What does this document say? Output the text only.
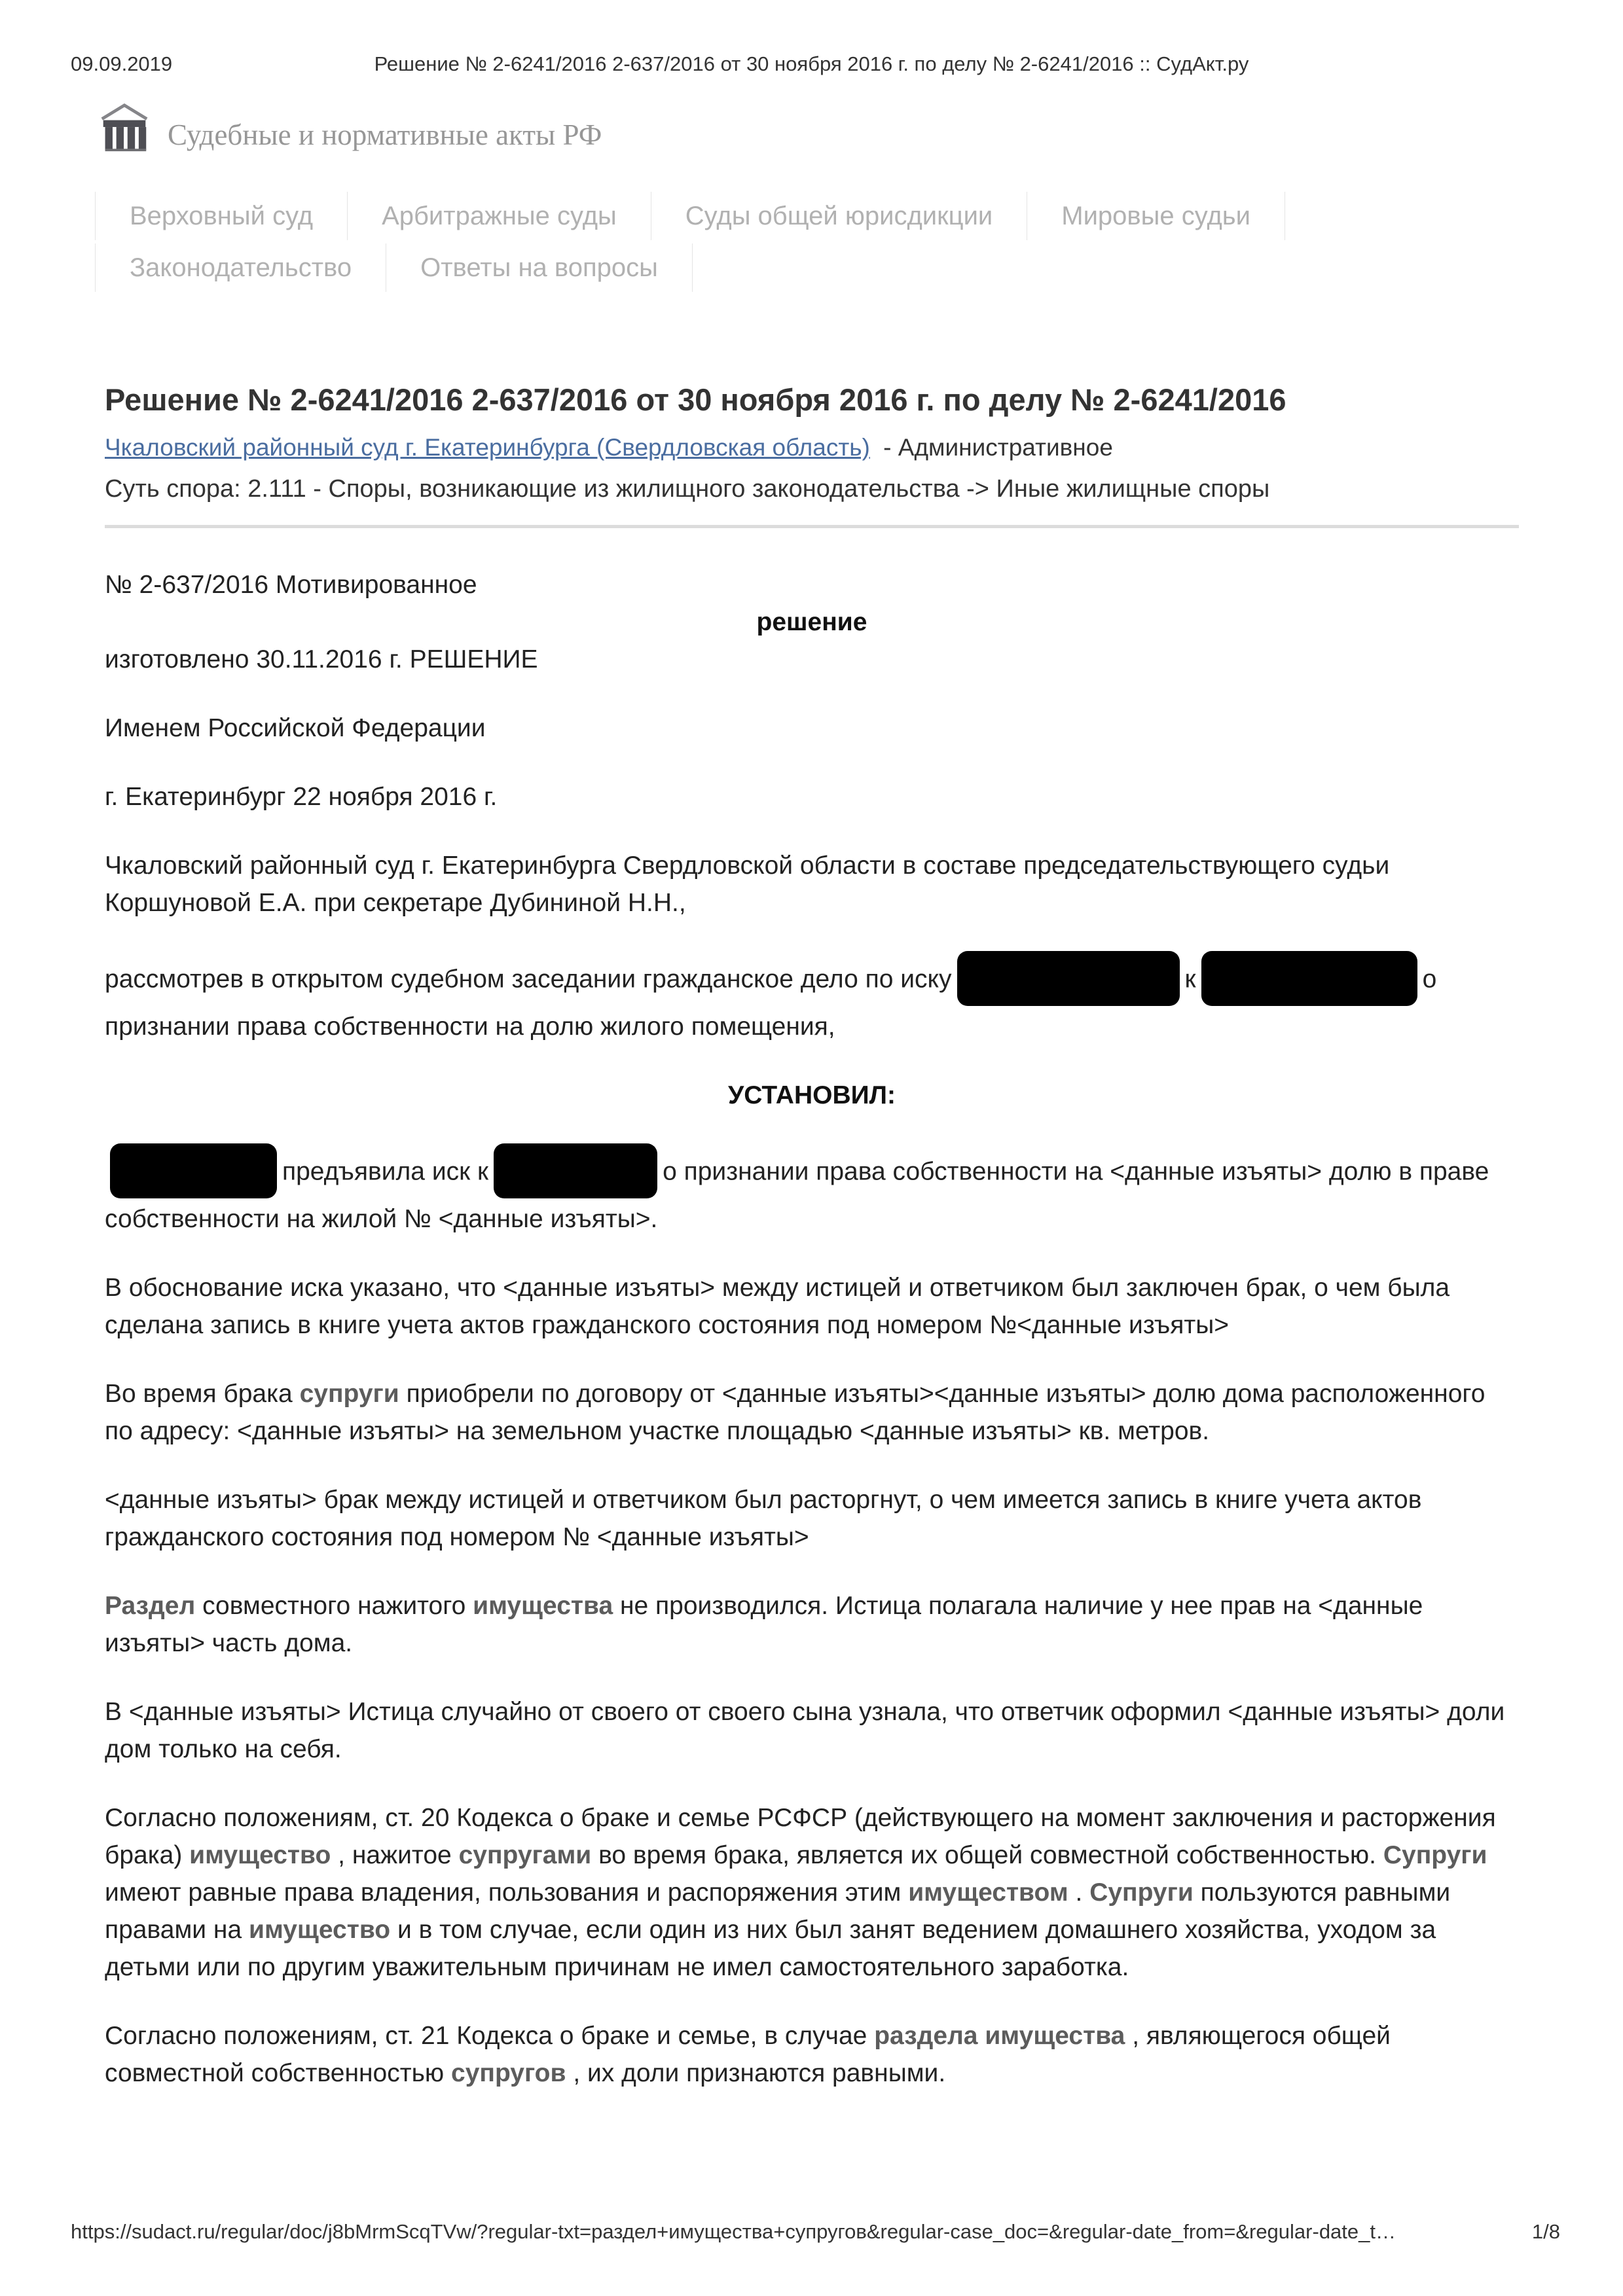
09.09.2019	Решение № 2-6241/2016 2-637/2016 от 30 ноября 2016 г. по делу № 2-6241/2016 :: СудАкт.ру
Судебные и нормативные акты РФ
Верховный суд	Арбитражные суды	Суды общей юрисдикции	Мировые судьи
Законодательство	Ответы на вопросы
Решение № 2-6241/2016 2-637/2016 от 30 ноября 2016 г. по делу № 2-6241/2016
Чкаловский районный суд г. Екатеринбурга (Свердловская область) - Административное
Суть спора: 2.111 - Споры, возникающие из жилищного законодательства -> Иные жилищные споры

№ 2-637/2016 Мотивированное

решение

изготовлено 30.11.2016 г. РЕШЕНИЕ

Именем Российской Федерации

г. Екатеринбург 22 ноября 2016 г.

Чкаловский районный суд г. Екатеринбурга Свердловской области в составе председательствующего судьи Коршуновой Е.А. при секретаре Дубининой Н.Н.,

рассмотрев в открытом судебном заседании гражданское дело по иску	к	о признании права собственности на долю жилого помещения,

УСТАНОВИЛ:

предъявила иск к	о признании права собственности на <данные изъяты> долю в праве собственности на жилой № <данные изъяты>.

В обоснование иска указано, что <данные изъяты> между истицей и ответчиком был заключен брак, о чем была сделана запись в книге учета актов гражданского состояния под номером №<данные изъяты>

Во время брака супруги приобрели по договору от <данные изъяты><данные изъяты> долю дома расположенного по адресу: <данные изъяты> на земельном участке площадью <данные изъяты> кв. метров.

<данные изъяты> брак между истицей и ответчиком был расторгнут, о чем имеется запись в книге учета актов гражданского состояния под номером № <данные изъяты>

Раздел совместного нажитого имущества не производился. Истица полагала наличие у нее прав на <данные изъяты> часть дома.

В <данные изъяты> Истица случайно от своего от своего сына узнала, что ответчик оформил <данные изъяты> доли дом только на себя.

Согласно положениям, ст. 20 Кодекса о браке и семье РСФСР (действующего на момент заключения и расторжения брака) имущество , нажитое супругами во время брака, является их общей совместной собственностью. Супруги имеют равные права владения, пользования и распоряжения этим имуществом . Супруги пользуются равными правами на имущество и в том случае, если один из них был занят ведением домашнего хозяйства, уходом за детьми или по другим уважительным причинам не имел самостоятельного заработка.

Согласно положениям, ст. 21 Кодекса о браке и семье, в случае раздела имущества , являющегося общей совместной собственностью супругов , их доли признаются равными.

https://sudact.ru/regular/doc/j8bMrmScqTVw/?regular-txt=раздел+имущества+супругов&regular-case_doc=&regular-date_from=&regular-date_t…	1/8
